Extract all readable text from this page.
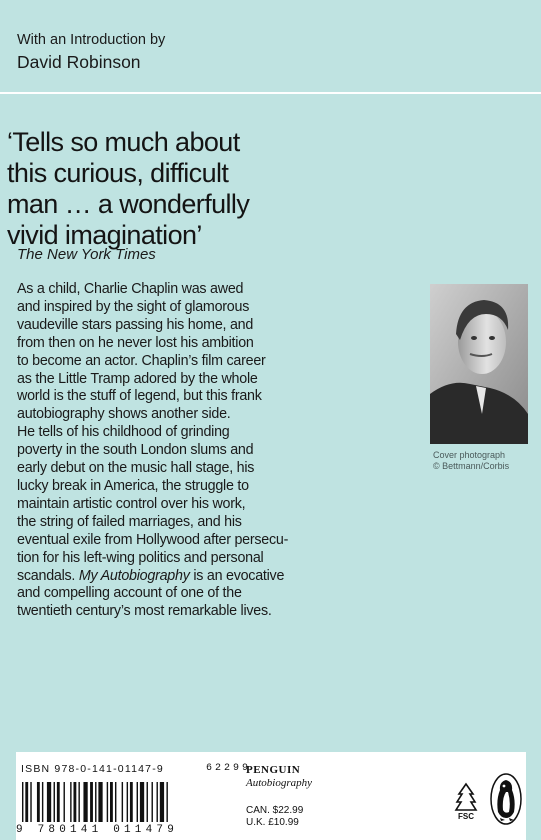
With an Introduction by
David Robinson
‘Tells so much about
this curious, difficult
man … a wonderfully
vivid imagination’
The New York Times
As a child, Charlie Chaplin was awed
and inspired by the sight of glamorous
vaudeville stars passing his home, and
from then on he never lost his ambition
to become an actor. Chaplin’s film career
as the Little Tramp adored by the whole
world is the stuff of legend, but this frank
autobiography shows another side.
He tells of his childhood of grinding
poverty in the south London slums and
early debut on the music hall stage, his
lucky break in America, the struggle to
maintain artistic control over his work,
the string of failed marriages, and his
eventual exile from Hollywood after persecu-
tion for his left-wing politics and personal
scandals. My Autobiography is an evocative
and compelling account of one of the
twentieth century’s most remarkable lives.
Cover photograph
© Bettmann/Corbis
ISBN 978-0-141-01147-9
9 780141 011479
62299
PENGUIN
Autobiography
CAN. $22.99
U.K. £10.99
FSC
